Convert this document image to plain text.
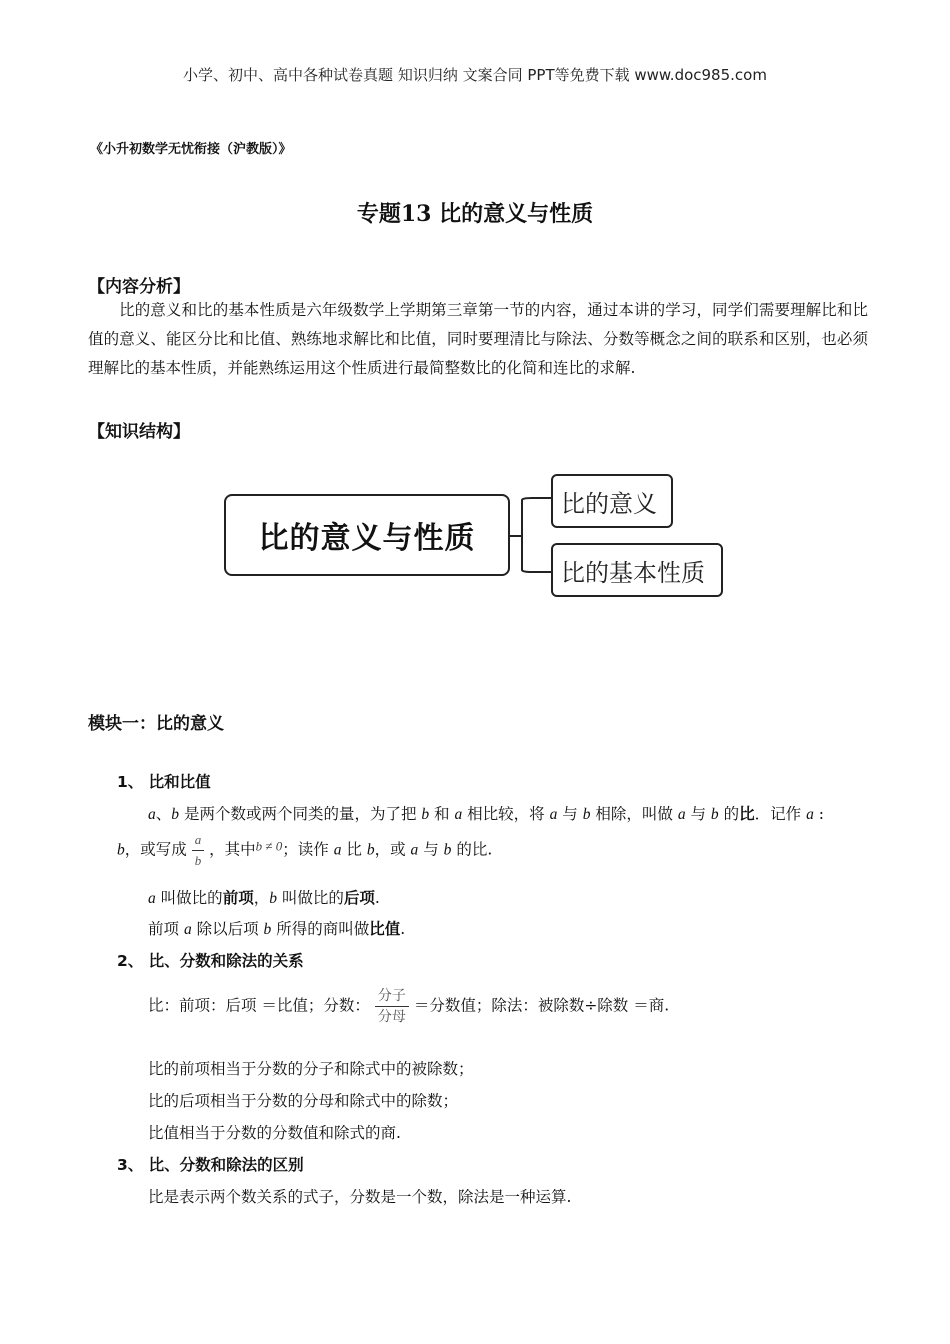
小学、初中、高中各种试卷真题 知识归纳 文案合同 PPT等免费下载 www.doc985.com
《小升初数学无忧衔接（沪教版）》
专题13 比的意义与性质
【内容分析】
比的意义和比的基本性质是六年级数学上学期第三章第一节的内容，通过本讲的学习，同学们需要理解比和比值的意义、能区分比和比值、熟练地求解比和比值，同时要理清比与除法、分数等概念之间的联系和区别，也必须理解比的基本性质，并能熟练运用这个性质进行最简整数比的化简和连比的求解.
【知识结构】
比的意义与性质
比的意义
比的基本性质
模块一：比的意义
1、 比和比值
a、b 是两个数或两个同类的量，为了把 b 和 a 相比较，将 a 与 b 相除，叫做 a 与 b 的比．记作 a :
b，或写成 $\frac{a}{b}$ ，其中$^{b \ne 0}$；读作 a 比 b，或 a 与 b 的比.
a 叫做比的前项，b 叫做比的后项.
前项 a 除以后项 b 所得的商叫做比值.
2、 比、分数和除法的关系
比：前项：后项 ＝比值；分数： $\frac{\text{分子}}{\text{分母}}$ ＝分数值；除法：被除数÷除数 ＝商.
比的前项相当于分数的分子和除式中的被除数；
比的后项相当于分数的分母和除式中的除数；
比值相当于分数的分数值和除式的商.
3、 比、分数和除法的区别
比是表示两个数关系的式子，分数是一个数，除法是一种运算.
